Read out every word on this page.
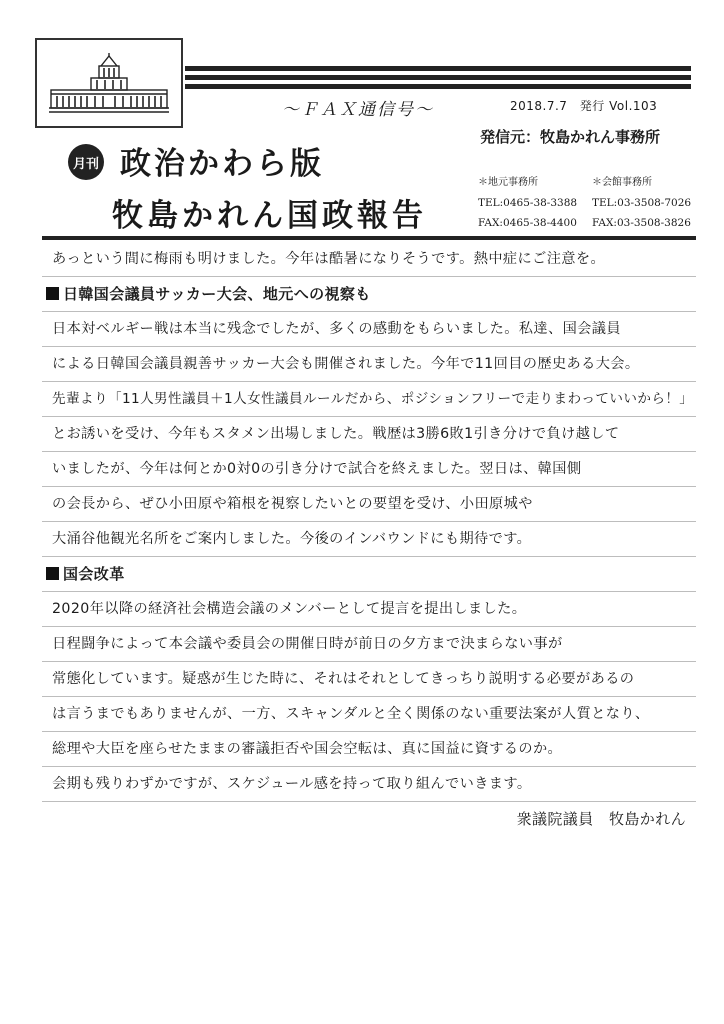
～ＦＡＸ通信号～	2018.7.7 発行 Vol.103
発信元：牧島かれん事務所
月刊 政治かわら版
牧島かれん国政報告
＊地元事務所
TEL:0465-38-3388
FAX:0465-38-4400
＊会館事務所
TEL:03-3508-7026
FAX:03-3508-3826
あっという間に梅雨も明けました。今年は酷暑になりそうです。熱中症にご注意を。
日韓国会議員サッカー大会、地元への視察も
日本対ベルギー戦は本当に残念でしたが、多くの感動をもらいました。私達、国会議員
による日韓国会議員親善サッカー大会も開催されました。今年で11回目の歴史ある大会。
先輩より「11人男性議員＋1人女性議員ルールだから、ポジションフリーで走りまわっていいから！」
とお誘いを受け、今年もスタメン出場しました。戦歴は3勝6敗1引き分けで負け越して
いましたが、今年は何とか0対0の引き分けで試合を終えました。翌日は、韓国側
の会長から、ぜひ小田原や箱根を視察したいとの要望を受け、小田原城や
大涌谷他観光名所をご案内しました。今後のインバウンドにも期待です。
国会改革
2020年以降の経済社会構造会議のメンバーとして提言を提出しました。
日程闘争によって本会議や委員会の開催日時が前日の夕方まで決まらない事が
常態化しています。疑惑が生じた時に、それはそれとしてきっちり説明する必要があるの
は言うまでもありませんが、一方、スキャンダルと全く関係のない重要法案が人質となり、
総理や大臣を座らせたままの審議拒否や国会空転は、真に国益に資するのか。
会期も残りわずかですが、スケジュール感を持って取り組んでいきます。
衆議院議員　牧島かれん
